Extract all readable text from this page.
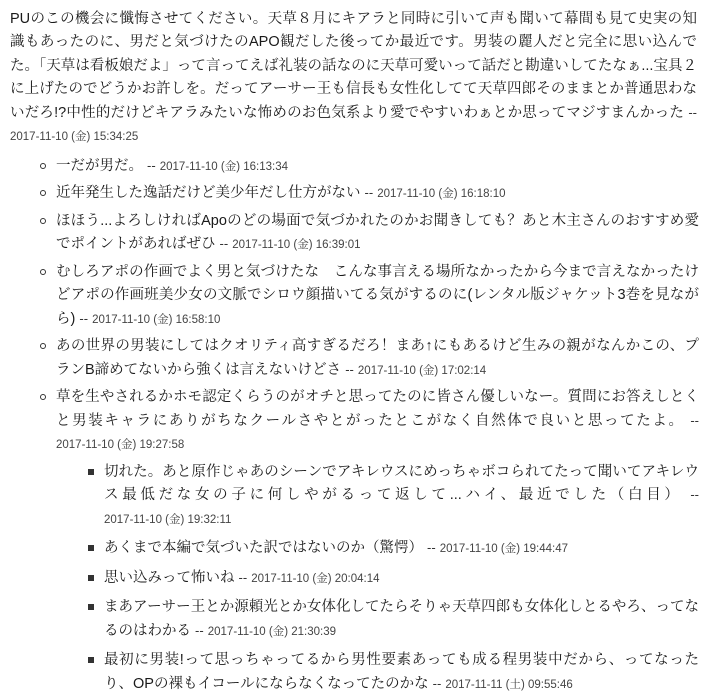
PUのこの機会に懺悔させてください。天草８月にキアラと同時に引いて声も聞いて幕間も見て史実の知識もあったのに、男だと気づけたのAPO観だした後ってか最近です。男装の麗人だと完全に思い込んでた。「天草は看板娘だよ」って言ってえば礼装の話なのに天草可愛いって話だと勘違いしてたなぁ...宝具２に上げたのでどうかお許しを。だってアーサー王も信長も女性化してて天草四郎そのままとか普通思わないだろ!?中性的だけどキアラみたいな怖めのお色気系より愛でやすいわぁとか思ってマジすまんかった -- 2017-11-10 (金) 15:34:25

一だが男だ。 -- 2017-11-10 (金) 16:13:34
近年発生した逸話だけど美少年だし仕方がない -- 2017-11-10 (金) 16:18:10
ほほう...よろしければApoのどの場面で気づかれたのかお聞きしても？あと木主さんのおすすめ愛でポイントがあればぜひ -- 2017-11-10 (金) 16:39:01
むしろアポの作画でよく男と気づけたな　こんな事言える場所なかったから今まで言えなかったけどアポの作画班美少女の文脈でシロウ顔描いてる気がするのに(レンタル版ジャケット3巻を見ながら) -- 2017-11-10 (金) 16:58:10
あの世界の男装にしてはクオリティ高すぎるだろ！まあ↑にもあるけど生みの親がなんかこの、プランB諦めてないから強くは言えないけどさ -- 2017-11-10 (金) 17:02:14
草を生やされるかホモ認定くらうのがオチと思ってたのに皆さん優しいなー。質問にお答えしとくと男装キャラにありがちなクールさやとがったとこがなく自然体で良いと思ってたよ。 -- 2017-11-10 (金) 19:27:58
切れた。あと原作じゃあのシーンでアキレウスにめっちゃボコられてたって聞いてアキレウス最低だな女の子に何しやがるって返して...ハイ、最近でした（白目） -- 2017-11-10 (金) 19:32:11
あくまで本編で気づいた訳ではないのか（驚愕） -- 2017-11-10 (金) 19:44:47
思い込みって怖いね -- 2017-11-10 (金) 20:04:14
まあアーサー王とか源頼光とか女体化してたらそりゃ天草四郎も女体化しとるやろ、ってなるのはわかる -- 2017-11-10 (金) 21:30:39
最初に男装!って思っちゃってるから男性要素あっても成る程男装中だから、ってなったり、OPの裸もイコールにならなくなってたのかな -- 2017-11-11 (土) 09:55:46
